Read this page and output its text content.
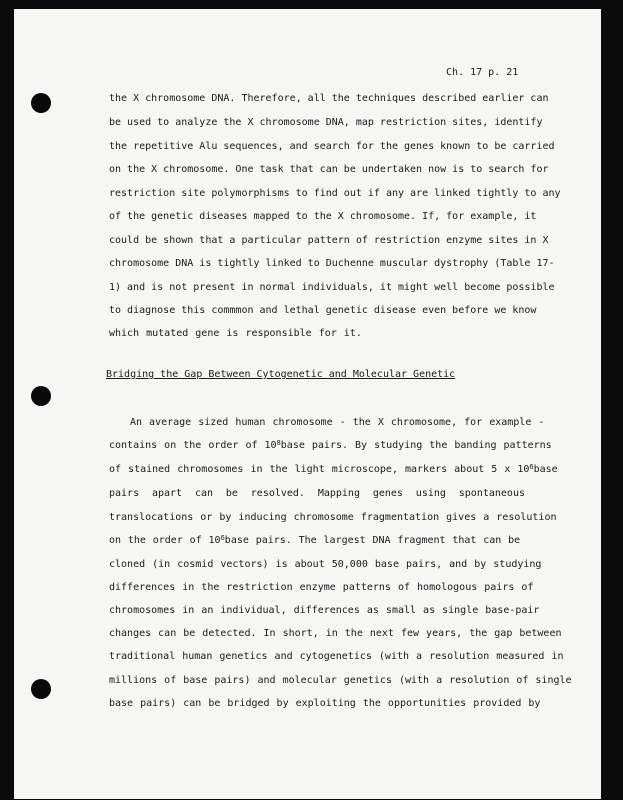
Ch. 17 p. 21
the X chromosome DNA. Therefore, all the techniques described earlier can
be used to analyze the X chromosome DNA, map restriction sites, identify
the repetitive Alu sequences, and search for the genes known to be carried
on the X chromosome. One task that can be undertaken now is to search for
restriction site polymorphisms to find out if any are linked tightly to any
of the genetic diseases mapped to the X chromosome. If, for example, it
could be shown that a particular pattern of restriction enzyme sites in X
chromosome DNA is tightly linked to Duchenne muscular dystrophy (Table 17-
1) and is not present in normal individuals, it might well become possible
to diagnose this commmon and lethal genetic disease even before we know
which mutated gene is responsible for it.
Bridging the Gap Between Cytogenetic and Molecular Genetic
An average sized human chromosome - the X chromosome, for example -
contains on the order of $10^8base$ pairs. By studying the banding patterns
of stained chromosomes in the light microscope, markers about 5 x $10^6base$
pairs apart can be resolved. Mapping genes using spontaneous
translocations or by inducing chromosome fragmentation gives a resolution
on the order of $10^6base$ pairs. The largest DNA fragment that can be
cloned (in cosmid vectors) is about 50,000 base pairs, and by studying
differences in the restriction enzyme patterns of homologous pairs of
chromosomes in an individual, differences as small as single base-pair
changes can be detected. In short, in the next few years, the gap between
traditional human genetics and cytogenetics (with a resolution measured in
millions of base pairs) and molecular genetics (with a resolution of single
base pairs) can be bridged by exploiting the opportunities provided by
